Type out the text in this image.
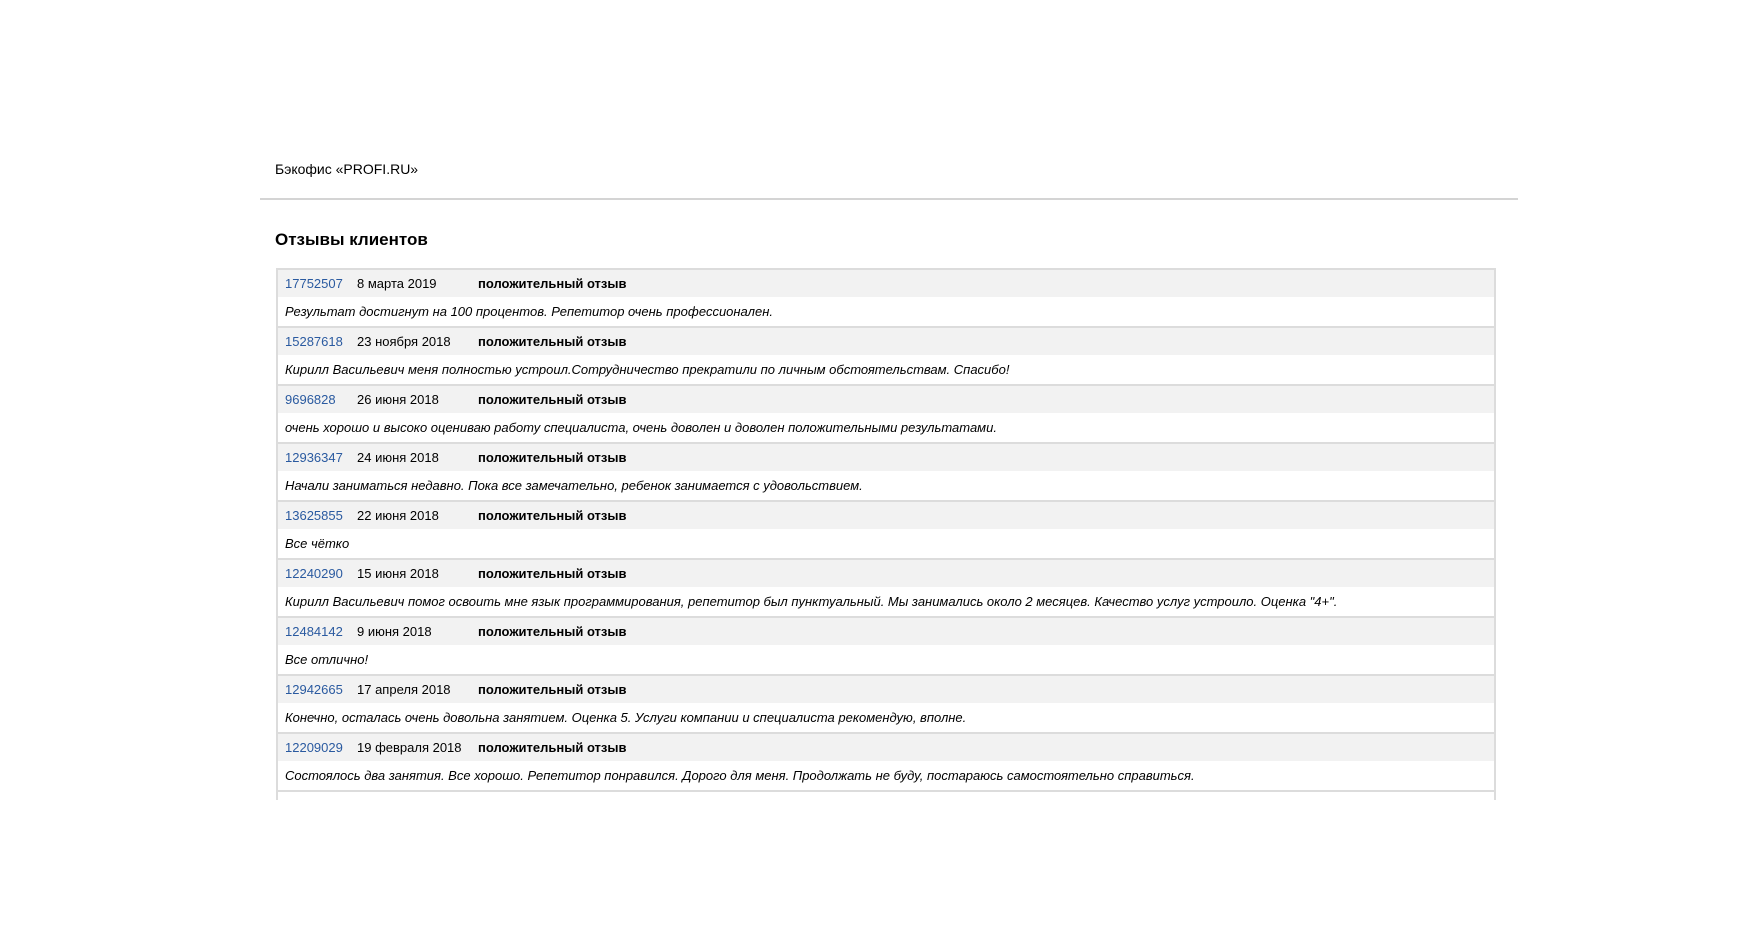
Бэкофис «PROFI.RU»
Отзывы клиентов
17752507	8 марта 2019	положительный отзыв
Результат достигнут на 100 процентов. Репетитор очень профессионален.
15287618	23 ноября 2018	положительный отзыв
Кирилл Васильевич меня полностью устроил.Сотрудничество прекратили по личным обстоятельствам. Спасибо!
9696828	26 июня 2018	положительный отзыв
очень хорошо и высоко оцениваю работу специалиста, очень доволен и доволен положительными результатами.
12936347	24 июня 2018	положительный отзыв
Начали заниматься недавно. Пока все замечательно, ребенок занимается с удовольствием.
13625855	22 июня 2018	положительный отзыв
Все чётко
12240290	15 июня 2018	положительный отзыв
Кирилл Васильевич помог освоить мне язык программирования, репетитор был пунктуальный. Мы занимались около 2 месяцев. Качество услуг устроило. Оценка "4+".
12484142	9 июня 2018	положительный отзыв
Все отлично!
12942665	17 апреля 2018	положительный отзыв
Конечно, осталась очень довольна занятием. Оценка 5. Услуги компании и специалиста рекомендую, вполне.
12209029	19 февраля 2018	положительный отзыв
Состоялось два занятия. Все хорошо. Репетитор понравился. Дорого для меня. Продолжать не буду, постараюсь самостоятельно справиться.
